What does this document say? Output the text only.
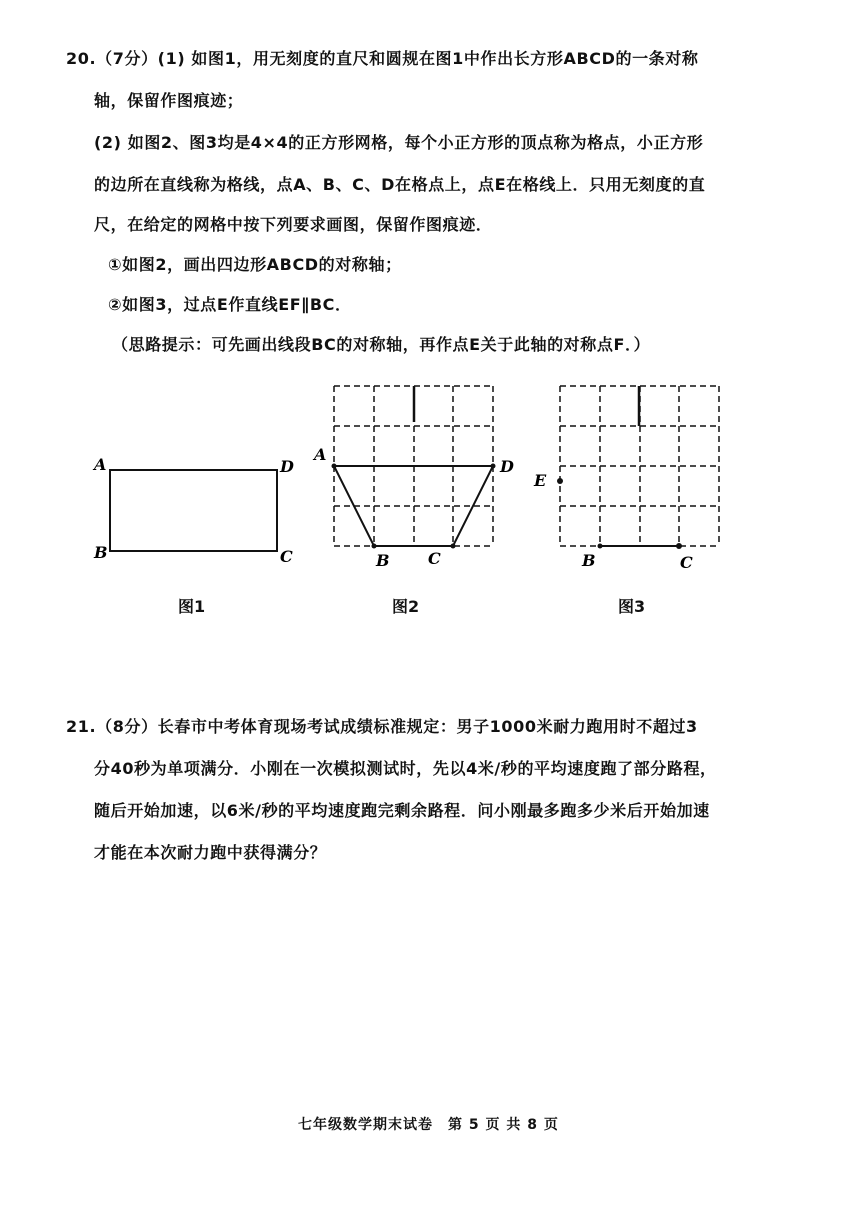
20.（7分）(1) 如图1，用无刻度的直尺和圆规在图1中作出长方形ABCD的一条对称
轴，保留作图痕迹；
(2) 如图2、图3均是4×4的正方形网格，每个小正方形的顶点称为格点，小正方形
的边所在直线称为格线，点A、B、C、D在格点上，点E在格线上．只用无刻度的直
尺，在给定的网格中按下列要求画图，保留作图痕迹．
①如图2，画出四边形ABCD的对称轴；
②如图3，过点E作直线EF∥BC．
（思路提示：可先画出线段BC的对称轴，再作点E关于此轴的对称点F．）
A	D
B	C
图1
A
D
B C
图2
E
B	C
图3
21.（8分）长春市中考体育现场考试成绩标准规定：男子1000米耐力跑用时不超过3
分40秒为单项满分．小刚在一次模拟测试时，先以4米/秒的平均速度跑了部分路程，
随后开始加速，以6米/秒的平均速度跑完剩余路程．问小刚最多跑多少米后开始加速
才能在本次耐力跑中获得满分？
七年级数学期末试卷　第 5 页 共 8 页
